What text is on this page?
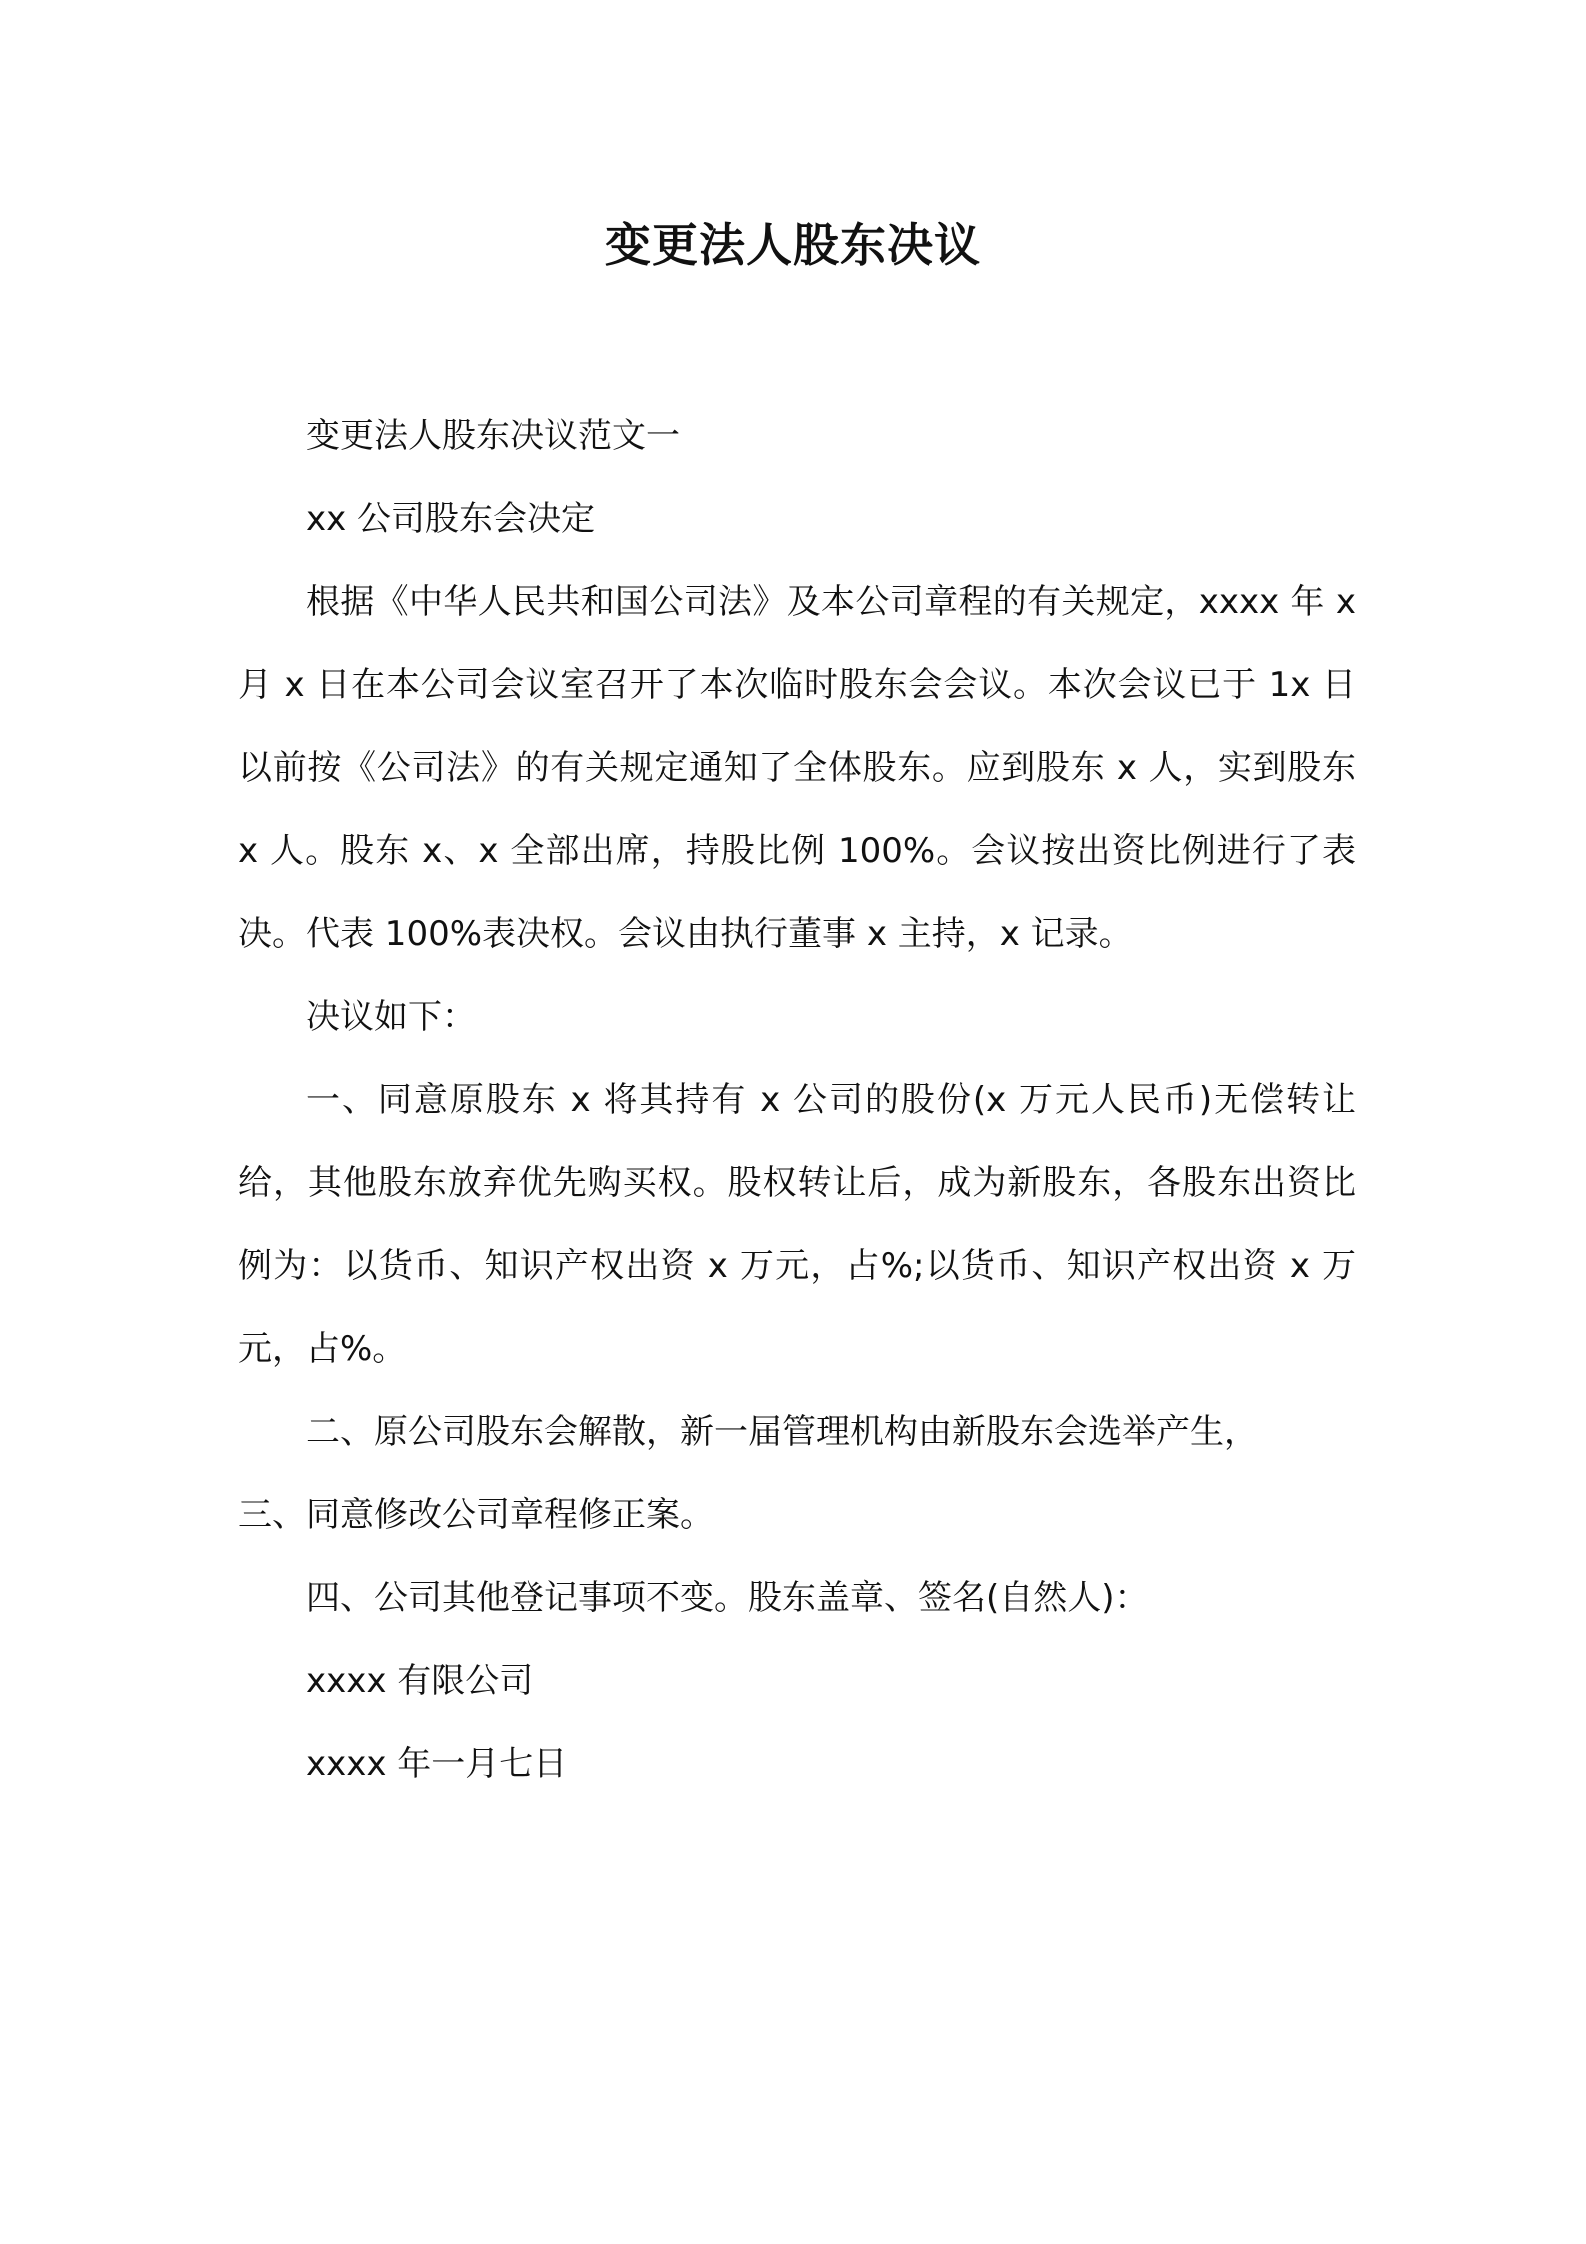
变更法人股东决议

变更法人股东决议范文一

xx 公司股东会决定

根据《中华人民共和国公司法》及本公司章程的有关规定，xxxx 年 x 月 x 日在本公司会议室召开了本次临时股东会会议。本次会议已于 1x 日以前按《公司法》的有关规定通知了全体股东。应到股东 x 人，实到股东 x 人。股东 x、x 全部出席，持股比例 100%。会议按出资比例进行了表决。代表 100%表决权。会议由执行董事 x 主持，x 记录。

决议如下：

一、同意原股东 x 将其持有 x 公司的股份(x 万元人民币)无偿转让给，其他股东放弃优先购买权。股权转让后，成为新股东，各股东出资比例为：以货币、知识产权出资 x 万元，占%;以货币、知识产权出资 x 万元，占%。

二、原公司股东会解散，新一届管理机构由新股东会选举产生，

三、同意修改公司章程修正案。

四、公司其他登记事项不变。股东盖章、签名(自然人)：

xxxx 有限公司

xxxx 年一月七日
